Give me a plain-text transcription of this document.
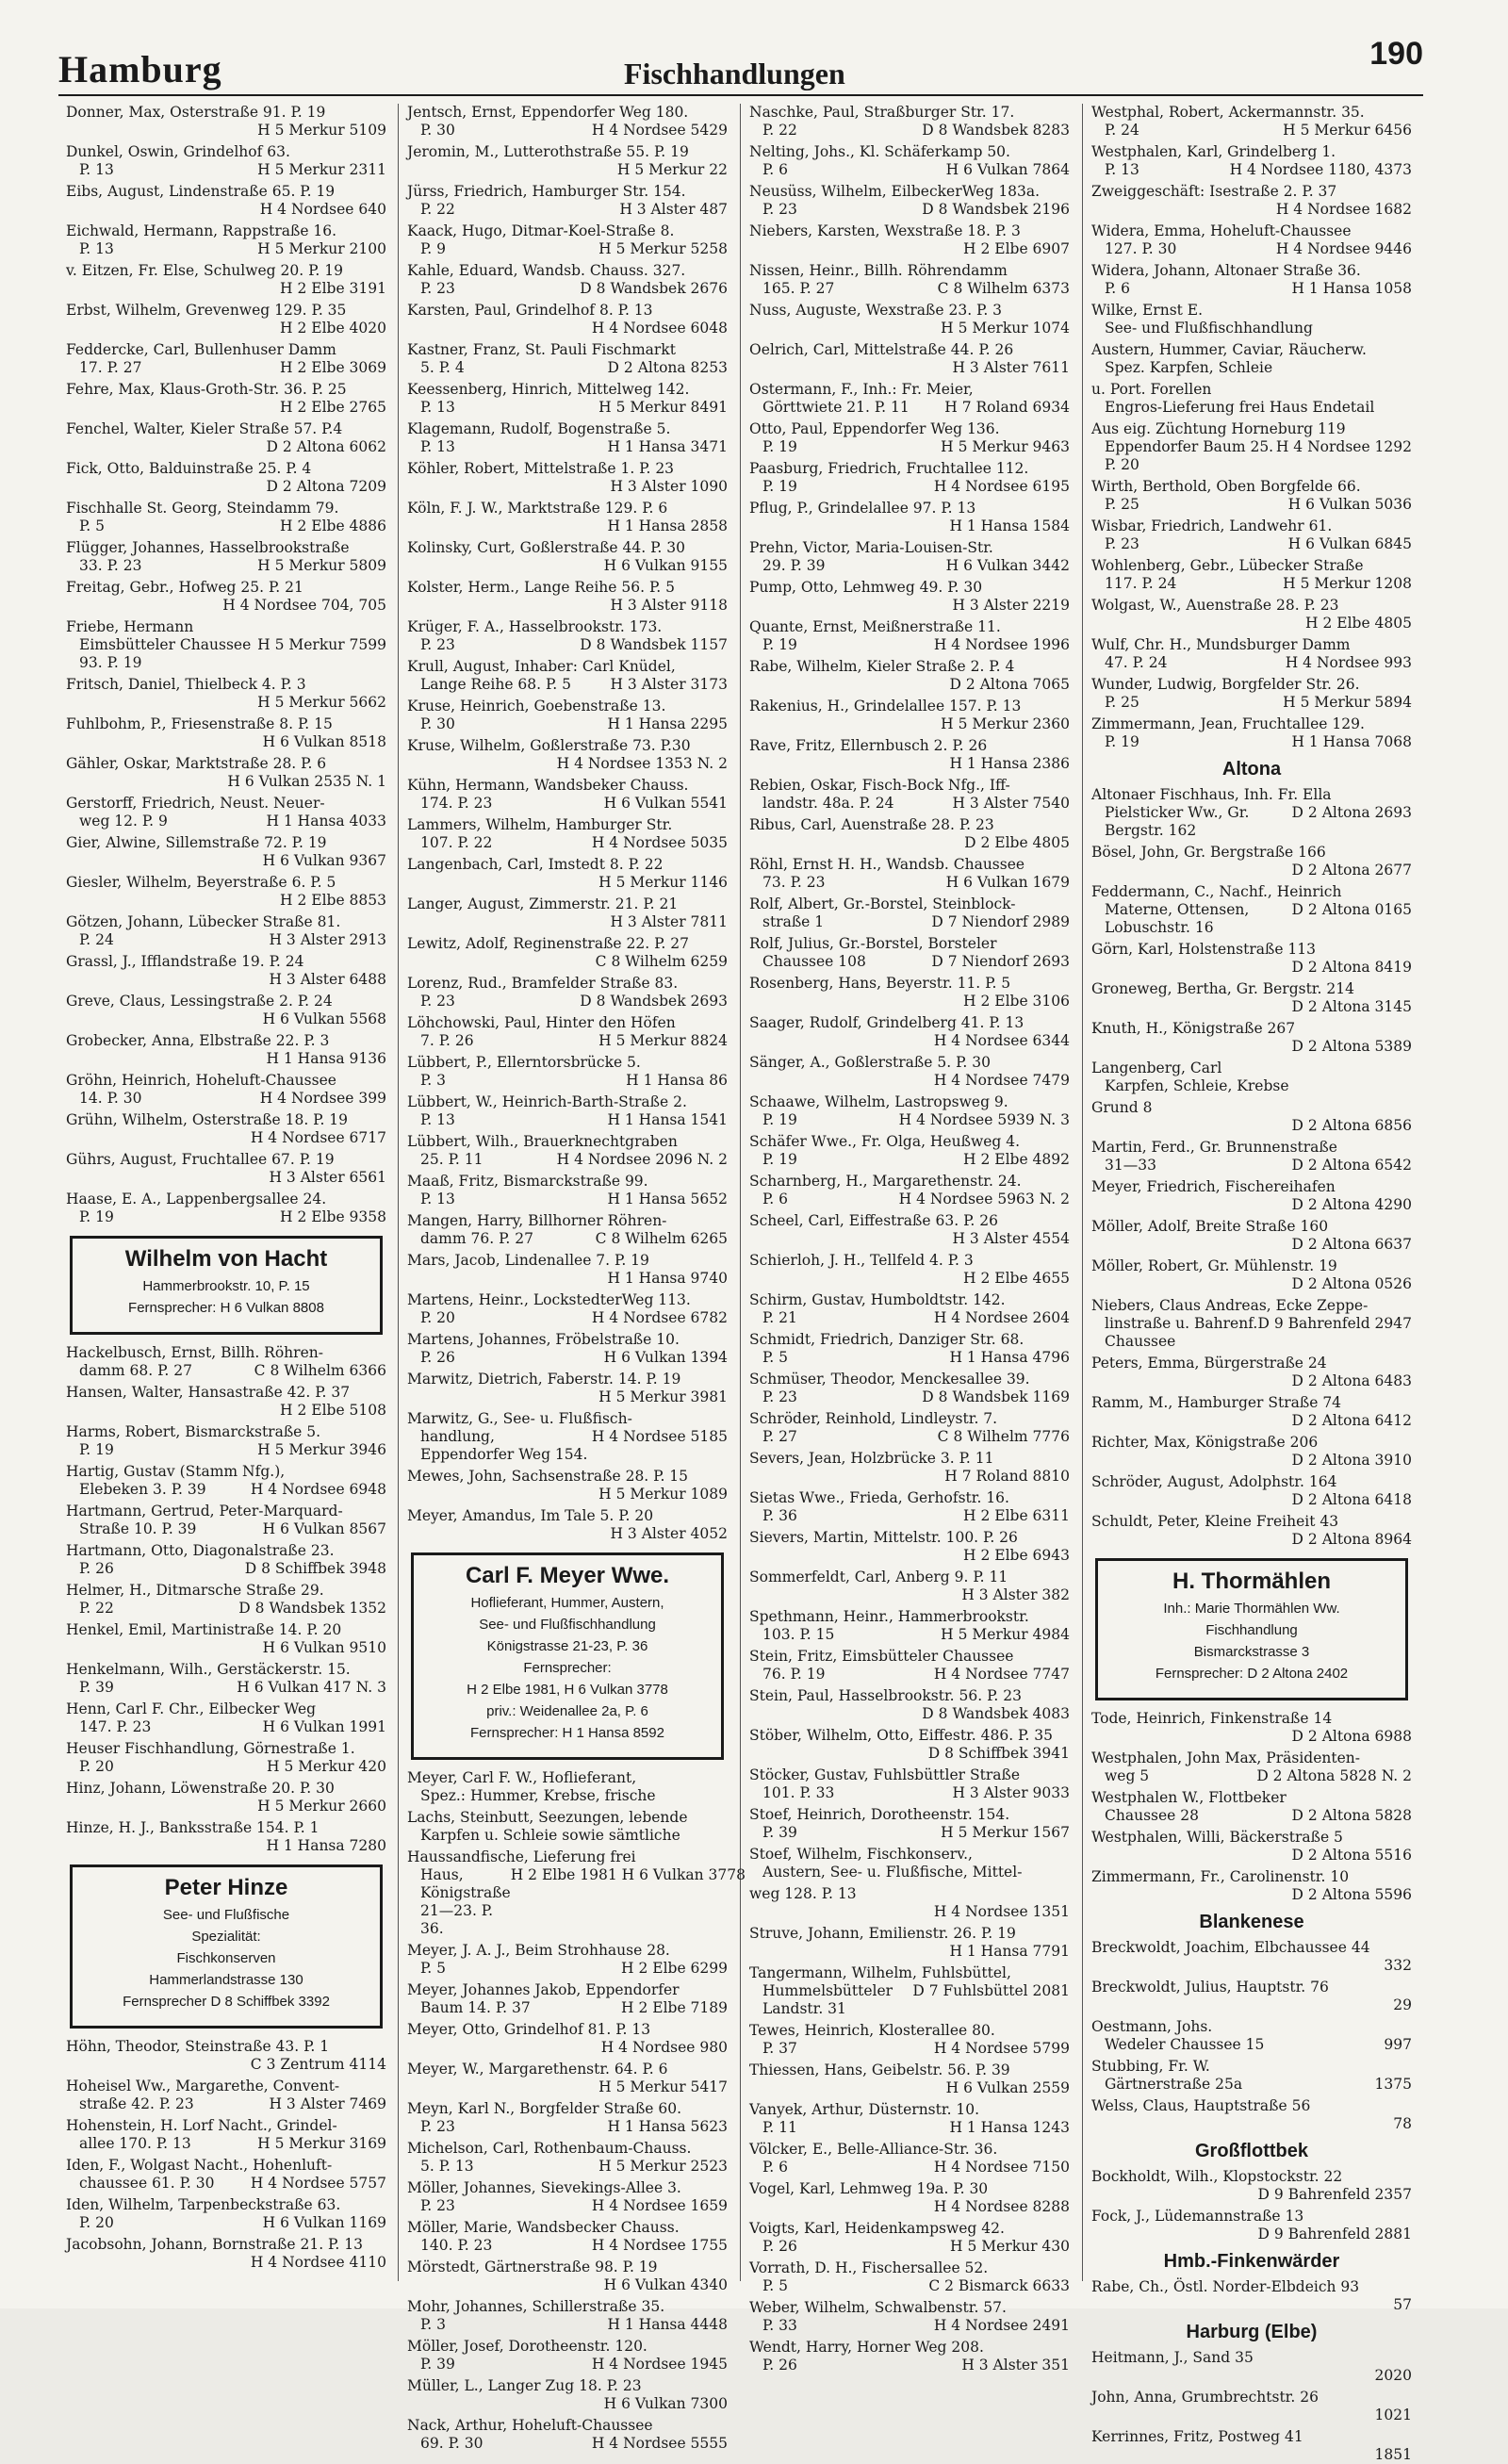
Hamburg	Fischhandlungen
190
Donner, Max, Osterstraße 91. P. 19
H 5 Merkur 5109
Dunkel, Oswin, Grindelhof 63.
P. 13	H 5 Merkur 2311
Eibs, August, Lindenstraße 65. P. 19
H 4 Nordsee 640
Eichwald, Hermann, Rappstraße 16.
P. 13	H 5 Merkur 2100
v. Eitzen, Fr. Else, Schulweg 20. P. 19
H 2 Elbe 3191
Erbst, Wilhelm, Grevenweg 129. P. 35
H 2 Elbe 4020
Feddercke, Carl, Bullenhuser Damm
17. P. 27	H 2 Elbe 3069
Fehre, Max, Klaus-Groth-Str. 36. P. 25
H 2 Elbe 2765
Fenchel, Walter, Kieler Straße 57. P.4
D 2 Altona 6062
Fick, Otto, Balduinstraße 25. P. 4
D 2 Altona 7209
Fischhalle St. Georg, Steindamm 79.
P. 5	H 2 Elbe 4886
Flügger, Johannes, Hasselbrookstraße
33. P. 23	H 5 Merkur 5809
Freitag, Gebr., Hofweg 25. P. 21
H 4 Nordsee 704, 705
Friebe, Hermann
Eimsbütteler Chaussee 93. P. 19
H 5 Merkur 7599
Fritsch, Daniel, Thielbeck 4. P. 3
H 5 Merkur 5662
Fuhlbohm, P., Friesenstraße 8. P. 15
H 6 Vulkan 8518
Gähler, Oskar, Marktstraße 28. P. 6
H 6 Vulkan 2535 N. 1
Gerstorff, Friedrich, Neust. Neuer-
weg 12. P. 9	H 1 Hansa 4033
Gier, Alwine, Sillemstraße 72. P. 19
H 6 Vulkan 9367
Giesler, Wilhelm, Beyerstraße 6. P. 5
H 2 Elbe 8853
Götzen, Johann, Lübecker Straße 81.
P. 24	H 3 Alster 2913
Grassl, J., Ifflandstraße 19. P. 24
H 3 Alster 6488
Greve, Claus, Lessingstraße 2. P. 24
H 6 Vulkan 5568
Grobecker, Anna, Elbstraße 22. P. 3
H 1 Hansa 9136
Gröhn, Heinrich, Hoheluft-Chaussee
14. P. 30	H 4 Nordsee 399
Grühn, Wilhelm, Osterstraße 18. P. 19
H 4 Nordsee 6717
Gührs, August, Fruchtallee 67. P. 19
H 3 Alster 6561
Haase, E. A., Lappenbergsallee 24.
P. 19	H 2 Elbe 9358
Wilhelm von Hacht
Hammerbrookstr. 10, P. 15
Fernsprecher: H 6 Vulkan 8808
Hackelbusch, Ernst, Billh. Röhren-
damm 68. P. 27	C 8 Wilhelm 6366
Hansen, Walter, Hansastraße 42. P. 37
H 2 Elbe 5108
Harms, Robert, Bismarckstraße 5.
P. 19	H 5 Merkur 3946
Hartig, Gustav (Stamm Nfg.),
Elebeken 3. P. 39	H 4 Nordsee 6948
Hartmann, Gertrud, Peter-Marquard-
Straße 10. P. 39	H 6 Vulkan 8567
Hartmann, Otto, Diagonalstraße 23.
P. 26	D 8 Schiffbek 3948
Helmer, H., Ditmarsche Straße 29.
P. 22	D 8 Wandsbek 1352
Henkel, Emil, Martinistraße 14. P. 20
H 6 Vulkan 9510
Henkelmann, Wilh., Gerstäckerstr. 15.
P. 39	H 6 Vulkan 417 N. 3
Henn, Carl F. Chr., Eilbecker Weg
147. P. 23	H 6 Vulkan 1991
Heuser Fischhandlung, Görnestraße 1.
P. 20	H 5 Merkur 420
Hinz, Johann, Löwenstraße 20. P. 30
H 5 Merkur 2660
Hinze, H. J., Banksstraße 154. P. 1
H 1 Hansa 7280
Peter Hinze
See- und Flußfische
Spezialität:
Fischkonserven
Hammerlandstrasse 130
Fernsprecher D 8 Schiffbek 3392
Höhn, Theodor, Steinstraße 43. P. 1
C 3 Zentrum 4114
Hoheisel Ww., Margarethe, Convent-
straße 42. P. 23	H 3 Alster 7469
Hohenstein, H. Lorf Nacht., Grindel-
allee 170. P. 13	H 5 Merkur 3169
Iden, F., Wolgast Nacht., Hohenluft-
chaussee 61. P. 30 H 4 Nordsee 5757
Iden, Wilhelm, Tarpenbeckstraße 63.
P. 20	H 6 Vulkan 1169
Jacobsohn, Johann, Bornstraße 21. P. 13
H 4 Nordsee 4110
Jentsch, Ernst, Eppendorfer Weg 180.
P. 30	H 4 Nordsee 5429
Jeromin, M., Lutterothstraße 55. P. 19
H 5 Merkur 22
Jürss, Friedrich, Hamburger Str. 154.
P. 22	H 3 Alster 487
Kaack, Hugo, Ditmar-Koel-Straße 8.
P. 9	H 5 Merkur 5258
Kahle, Eduard, Wandsb. Chauss. 327.
P. 23	D 8 Wandsbek 2676
Karsten, Paul, Grindelhof 8. P. 13
H 4 Nordsee 6048
Kastner, Franz, St. Pauli Fischmarkt
5. P. 4	D 2 Altona 8253
Keessenberg, Hinrich, Mittelweg 142.
P. 13	H 5 Merkur 8491
Klagemann, Rudolf, Bogenstraße 5.
P. 13	H 1 Hansa 3471
Köhler, Robert, Mittelstraße 1. P. 23
H 3 Alster 1090
Köln, F. J. W., Marktstraße 129. P. 6
H 1 Hansa 2858
Kolinsky, Curt, Goßlerstraße 44. P. 30
H 6 Vulkan 9155
Kolster, Herm., Lange Reihe 56. P. 5
H 3 Alster 9118
Krüger, F. A., Hasselbrookstr. 173.
P. 23	D 8 Wandsbek 1157
Krull, August, Inhaber: Carl Knüdel,
Lange Reihe 68. P. 5	H 3 Alster 3173
Kruse, Heinrich, Goebenstraße 13.
P. 30	H 1 Hansa 2295
Kruse, Wilhelm, Goßlerstraße 73. P.30
H 4 Nordsee 1353 N. 2
Kühn, Hermann, Wandsbeker Chauss.
174. P. 23	H 6 Vulkan 5541
Lammers, Wilhelm, Hamburger Str.
107. P. 22	H 4 Nordsee 5035
Langenbach, Carl, Imstedt 8. P. 22
H 5 Merkur 1146
Langer, August, Zimmerstr. 21. P. 21
H 3 Alster 7811
Lewitz, Adolf, Reginenstraße 22. P. 27
C 8 Wilhelm 6259
Lorenz, Rud., Bramfelder Straße 83.
P. 23	D 8 Wandsbek 2693
Löhchowski, Paul, Hinter den Höfen
7. P. 26	H 5 Merkur 8824
Lübbert, P., Ellerntorsbrücke 5.
P. 3	H 1 Hansa 86
Lübbert, W., Heinrich-Barth-Straße 2.
P. 13	H 1 Hansa 1541
Lübbert, Wilh., Brauerknechtgraben
25. P. 11	H 4 Nordsee 2096 N. 2
Maaß, Fritz, Bismarckstraße 99.
P. 13	H 1 Hansa 5652
Mangen, Harry, Billhorner Röhren-
damm 76. P. 27	C 8 Wilhelm 6265
Mars, Jacob, Lindenallee 7. P. 19
H 1 Hansa 9740
Martens, Heinr., LockstedterWeg 113.
P. 20	H 4 Nordsee 6782
Martens, Johannes, Fröbelstraße 10.
P. 26	H 6 Vulkan 1394
Marwitz, Dietrich, Faberstr. 14. P. 19
H 5 Merkur 3981
Marwitz, G., See- u. Flußfisch-
handlung, Eppendorfer Weg 154.
H 4 Nordsee 5185
Mewes, John, Sachsenstraße 28. P. 15
H 5 Merkur 1089
Meyer, Amandus, Im Tale 5. P. 20
H 3 Alster 4052
Carl F. Meyer Wwe.
Hoflieferant, Hummer, Austern,
See- und Flußfischhandlung
Königstrasse 21-23, P. 36
Fernsprecher:
H 2 Elbe 1981, H 6 Vulkan 3778
priv.: Weidenallee 2a, P. 6
Fernsprecher: H 1 Hansa 8592
Meyer, Carl F. W., Hoflieferant,
Spez.: Hummer, Krebse, frische
Lachs, Steinbutt, Seezungen, lebende
Karpfen u. Schleie sowie sämtliche
Haussandfische, Lieferung frei
Haus, Königstraße 21—23. P. 36.
H 2 Elbe 1981 H 6 Vulkan 3778
Meyer, J. A. J., Beim Strohhause 28.
P. 5	H 2 Elbe 6299
Meyer, Johannes Jakob, Eppendorfer
Baum 14. P. 37	H 2 Elbe 7189
Meyer, Otto, Grindelhof 81. P. 13
H 4 Nordsee 980
Meyer, W., Margarethenstr. 64. P. 6
H 5 Merkur 5417
Meyn, Karl N., Borgfelder Straße 60.
P. 23	H 1 Hansa 5623
Michelson, Carl, Rothenbaum-Chauss.
5. P. 13	H 5 Merkur 2523
Möller, Johannes, Sievekings-Allee 3.
P. 23	H 4 Nordsee 1659
Möller, Marie, Wandsbecker Chauss.
140. P. 23	H 4 Nordsee 1755
Mörstedt, Gärtnerstraße 98. P. 19
H 6 Vulkan 4340
Mohr, Johannes, Schillerstraße 35.
P. 3	H 1 Hansa 4448
Möller, Josef, Dorotheenstr. 120.
P. 39	H 4 Nordsee 1945
Müller, L., Langer Zug 18. P. 23
H 6 Vulkan 7300
Nack, Arthur, Hoheluft-Chaussee
69. P. 30	H 4 Nordsee 5555
Naschke, Paul, Straßburger Str. 17.
P. 22	D 8 Wandsbek 8283
Nelting, Johs., Kl. Schäferkamp 50.
P. 6	H 6 Vulkan 7864
Neusüss, Wilhelm, EilbeckerWeg 183a.
P. 23	D 8 Wandsbek 2196
Niebers, Karsten, Wexstraße 18. P. 3
H 2 Elbe 6907
Nissen, Heinr., Billh. Röhrendamm
165. P. 27	C 8 Wilhelm 6373
Nuss, Auguste, Wexstraße 23. P. 3
H 5 Merkur 1074
Oelrich, Carl, Mittelstraße 44. P. 26
H 3 Alster 7611
Ostermann, F., Inh.: Fr. Meier,
Görttwiete 21. P. 11 H 7 Roland 6934
Otto, Paul, Eppendorfer Weg 136.
P. 19	H 5 Merkur 9463
Paasburg, Friedrich, Fruchtallee 112.
P. 19	H 4 Nordsee 6195
Pflug, P., Grindelallee 97. P. 13
H 1 Hansa 1584
Prehn, Victor, Maria-Louisen-Str.
29. P. 39	H 6 Vulkan 3442
Pump, Otto, Lehmweg 49. P. 30
H 3 Alster 2219
Quante, Ernst, Meißnerstraße 11.
P. 19	H 4 Nordsee 1996
Rabe, Wilhelm, Kieler Straße 2. P. 4
D 2 Altona 7065
Rakenius, H., Grindelallee 157. P. 13
H 5 Merkur 2360
Rave, Fritz, Ellernbusch 2. P. 26
H 1 Hansa 2386
Rebien, Oskar, Fisch-Bock Nfg., Iff-
landstr. 48a. P. 24	H 3 Alster 7540
Ribus, Carl, Auenstraße 28. P. 23
D 2 Elbe 4805
Röhl, Ernst H. H., Wandsb. Chaussee
73. P. 23	H 6 Vulkan 1679
Rolf, Albert, Gr.-Borstel, Steinblock-
straße 1	D 7 Niendorf 2989
Rolf, Julius, Gr.-Borstel, Borsteler
Chaussee 108	D 7 Niendorf 2693
Rosenberg, Hans, Beyerstr. 11. P. 5
H 2 Elbe 3106
Saager, Rudolf, Grindelberg 41. P. 13
H 4 Nordsee 6344
Sänger, A., Goßlerstraße 5. P. 30
H 4 Nordsee 7479
Schaawe, Wilhelm, Lastropsweg 9.
P. 19	H 4 Nordsee 5939 N. 3
Schäfer Wwe., Fr. Olga, Heußweg 4.
P. 19	H 2 Elbe 4892
Scharnberg, H., Margarethenstr. 24.
P. 6	H 4 Nordsee 5963 N. 2
Scheel, Carl, Eiffestraße 63. P. 26
H 3 Alster 4554
Schierloh, J. H., Tellfeld 4. P. 3
H 2 Elbe 4655
Schirm, Gustav, Humboldtstr. 142.
P. 21	H 4 Nordsee 2604
Schmidt, Friedrich, Danziger Str. 68.
P. 5	H 1 Hansa 4796
Schmüser, Theodor, Menckesallee 39.
P. 23	D 8 Wandsbek 1169
Schröder, Reinhold, Lindleystr. 7.
P. 27	C 8 Wilhelm 7776
Severs, Jean, Holzbrücke 3. P. 11
H 7 Roland 8810
Sietas Wwe., Frieda, Gerhofstr. 16.
P. 36	H 2 Elbe 6311
Sievers, Martin, Mittelstr. 100. P. 26
H 2 Elbe 6943
Sommerfeldt, Carl, Anberg 9. P. 11
H 3 Alster 382
Spethmann, Heinr., Hammerbrookstr.
103. P. 15	H 5 Merkur 4984
Stein, Fritz, Eimsbütteler Chaussee
76. P. 19	H 4 Nordsee 7747
Stein, Paul, Hasselbrookstr. 56. P. 23
D 8 Wandsbek 4083
Stöber, Wilhelm, Otto, Eiffestr. 486. P. 35
D 8 Schiffbek 3941
Stöcker, Gustav, Fuhlsbüttler Straße
101. P. 33	H 3 Alster 9033
Stoef, Heinrich, Dorotheenstr. 154.
P. 39	H 5 Merkur 1567
Stoef, Wilhelm, Fischkonserv.,
Austern, See- u. Flußfische, Mittel-
weg 128. P. 13
H 4 Nordsee 1351
Struve, Johann, Emilienstr. 26. P. 19
H 1 Hansa 7791
Tangermann, Wilhelm, Fuhlsbüttel,
Hummelsbütteler Landstr. 31
D 7 Fuhlsbüttel 2081
Tewes, Heinrich, Klosterallee 80.
P. 37	H 4 Nordsee 5799
Thiessen, Hans, Geibelstr. 56. P. 39
H 6 Vulkan 2559
Vanyek, Arthur, Düsternstr. 10.
P. 11	H 1 Hansa 1243
Völcker, E., Belle-Alliance-Str. 36.
P. 6	H 4 Nordsee 7150
Vogel, Karl, Lehmweg 19a. P. 30
H 4 Nordsee 8288
Voigts, Karl, Heidenkampsweg 42.
P. 26	H 5 Merkur 430
Vorrath, D. H., Fischersallee 52.
P. 5	C 2 Bismarck 6633
Weber, Wilhelm, Schwalbenstr. 57.
P. 33	H 4 Nordsee 2491
Wendt, Harry, Horner Weg 208.
P. 26	H 3 Alster 351
Westphal, Robert, Ackermannstr. 35.
P. 24	H 5 Merkur 6456
Westphalen, Karl, Grindelberg 1.
P. 13	H 4 Nordsee 1180, 4373
Zweiggeschäft: Isestraße 2. P. 37
H 4 Nordsee 1682
Widera, Emma, Hoheluft-Chaussee
127. P. 30	H 4 Nordsee 9446
Widera, Johann, Altonaer Straße 36.
P. 6	H 1 Hansa 1058
Wilke, Ernst E.
See- und Flußfischhandlung
Austern, Hummer, Caviar, Räucherw.
Spez. Karpfen, Schleie
u. Port. Forellen
Engros-Lieferung frei Haus Endetail
Aus eig. Züchtung Horneburg 119
Eppendorfer Baum 25. P. 20
H 4 Nordsee 1292
Wirth, Berthold, Oben Borgfelde 66.
P. 25	H 6 Vulkan 5036
Wisbar, Friedrich, Landwehr 61.
P. 23	H 6 Vulkan 6845
Wohlenberg, Gebr., Lübecker Straße
117. P. 24	H 5 Merkur 1208
Wolgast, W., Auenstraße 28. P. 23
H 2 Elbe 4805
Wulf, Chr. H., Mundsburger Damm
47. P. 24	H 4 Nordsee 993
Wunder, Ludwig, Borgfelder Str. 26.
P. 25	H 5 Merkur 5894
Zimmermann, Jean, Fruchtallee 129.
P. 19	H 1 Hansa 7068
Altona
Altonaer Fischhaus, Inh. Fr. Ella
Pielsticker Ww., Gr. Bergstr. 162
D 2 Altona 2693
Bösel, John, Gr. Bergstraße 166
D 2 Altona 2677
Feddermann, C., Nachf., Heinrich
Materne, Ottensen, Lobuschstr. 16
D 2 Altona 0165
Görn, Karl, Holstenstraße 113
D 2 Altona 8419
Groneweg, Bertha, Gr. Bergstr. 214
D 2 Altona 3145
Knuth, H., Königstraße 267
D 2 Altona 5389
Langenberg, Carl
Karpfen, Schleie, Krebse
Grund 8
D 2 Altona 6856
Martin, Ferd., Gr. Brunnenstraße
31—33	D 2 Altona 6542
Meyer, Friedrich, Fischereihafen
D 2 Altona 4290
Möller, Adolf, Breite Straße 160
D 2 Altona 6637
Möller, Robert, Gr. Mühlenstr. 19
D 2 Altona 0526
Niebers, Claus Andreas, Ecke Zeppe-
linstraße u. Bahrenf. Chaussee
D 9 Bahrenfeld 2947
Peters, Emma, Bürgerstraße 24
D 2 Altona 6483
Ramm, M., Hamburger Straße 74
D 2 Altona 6412
Richter, Max, Königstraße 206
D 2 Altona 3910
Schröder, August, Adolphstr. 164
D 2 Altona 6418
Schuldt, Peter, Kleine Freiheit 43
D 2 Altona 8964
H. Thormählen
Inh.: Marie Thormählen Ww.
Fischhandlung
Bismarckstrasse 3
Fernsprecher: D 2 Altona 2402
Tode, Heinrich, Finkenstraße 14
D 2 Altona 6988
Westphalen, John Max, Präsidenten-
weg 5	D 2 Altona 5828 N. 2
Westphalen W., Flottbeker
Chaussee 28	D 2 Altona 5828
Westphalen, Willi, Bäckerstraße 5
D 2 Altona 5516
Zimmermann, Fr., Carolinenstr. 10
D 2 Altona 5596
Blankenese
Breckwoldt, Joachim, Elbchaussee 44
332
Breckwoldt, Julius, Hauptstr. 76
29
Oestmann, Johs.
Wedeler Chaussee 15	997
Stubbing, Fr. W.
Gärtnerstraße 25a	1375
Welss, Claus, Hauptstraße 56
78
Großflottbek
Bockholdt, Wilh., Klopstockstr. 22
D 9 Bahrenfeld 2357
Fock, J., Lüdemannstraße 13
D 9 Bahrenfeld 2881
Hmb.-Finkenwärder
Rabe, Ch., Östl. Norder-Elbdeich 93
57
Harburg (Elbe)
Heitmann, J., Sand 35
2020
John, Anna, Grumbrechtstr. 26
1021
Kerrinnes, Fritz, Postweg 41
1851
